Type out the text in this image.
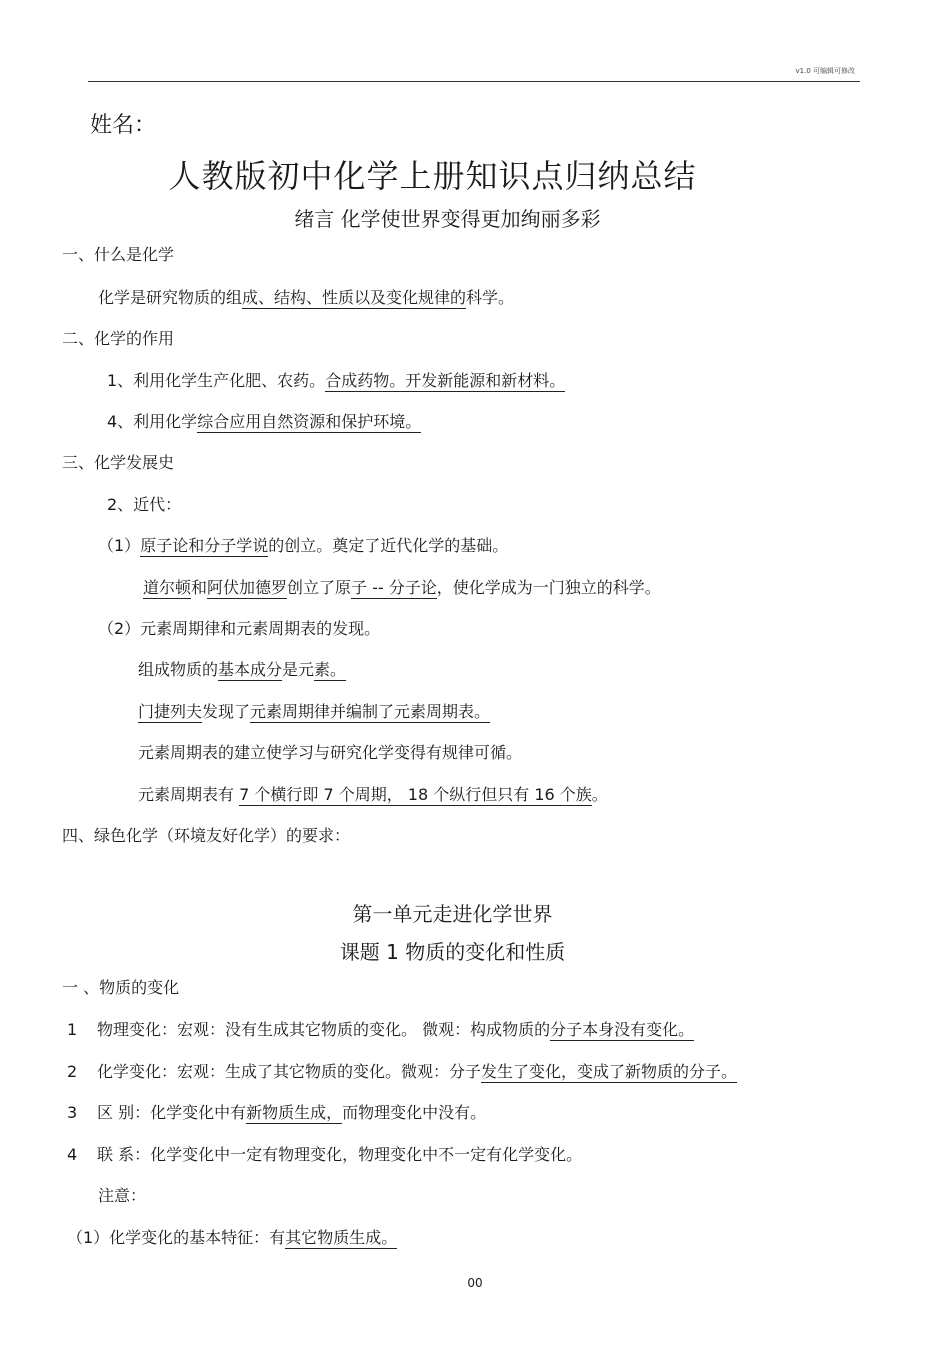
v1.0 可编辑可修改
姓名：
人教版初中化学上册知识点归纳总结
绪言 化学使世界变得更加绚丽多彩
一、什么是化学
化学是研究物质的组成、结构、性质以及变化规律的科学。
二、化学的作用
1、利用化学生产化肥、农药。合成药物。开发新能源和新材料。
4、利用化学综合应用自然资源和保护环境。
三、化学发展史
2、近代：
（1）原子论和分子学说的创立。奠定了近代化学的基础。
道尔顿和阿伏加德罗创立了原子 -- 分子论，使化学成为一门独立的科学。
（2）元素周期律和元素周期表的发现。
组成物质的基本成分是元素。
门捷列夫发现了元素周期律并编制了元素周期表。
元素周期表的建立使学习与研究化学变得有规律可循。
元素周期表有 7 个横行即 7 个周期， 18 个纵行但只有 16 个族。
四、绿色化学（环境友好化学）的要求：
第一单元走进化学世界
课题 1 物质的变化和性质
一 、物质的变化
1 物理变化：宏观：没有生成其它物质的变化。 微观：构成物质的分子本身没有变化。
2 化学变化：宏观：生成了其它物质的变化。微观：分子发生了变化，变成了新物质的分子。
3 区 别：化学变化中有新物质生成，而物理变化中没有。
4 联 系：化学变化中一定有物理变化，物理变化中不一定有化学变化。
注意：
（1）化学变化的基本特征：有其它物质生成。
00
